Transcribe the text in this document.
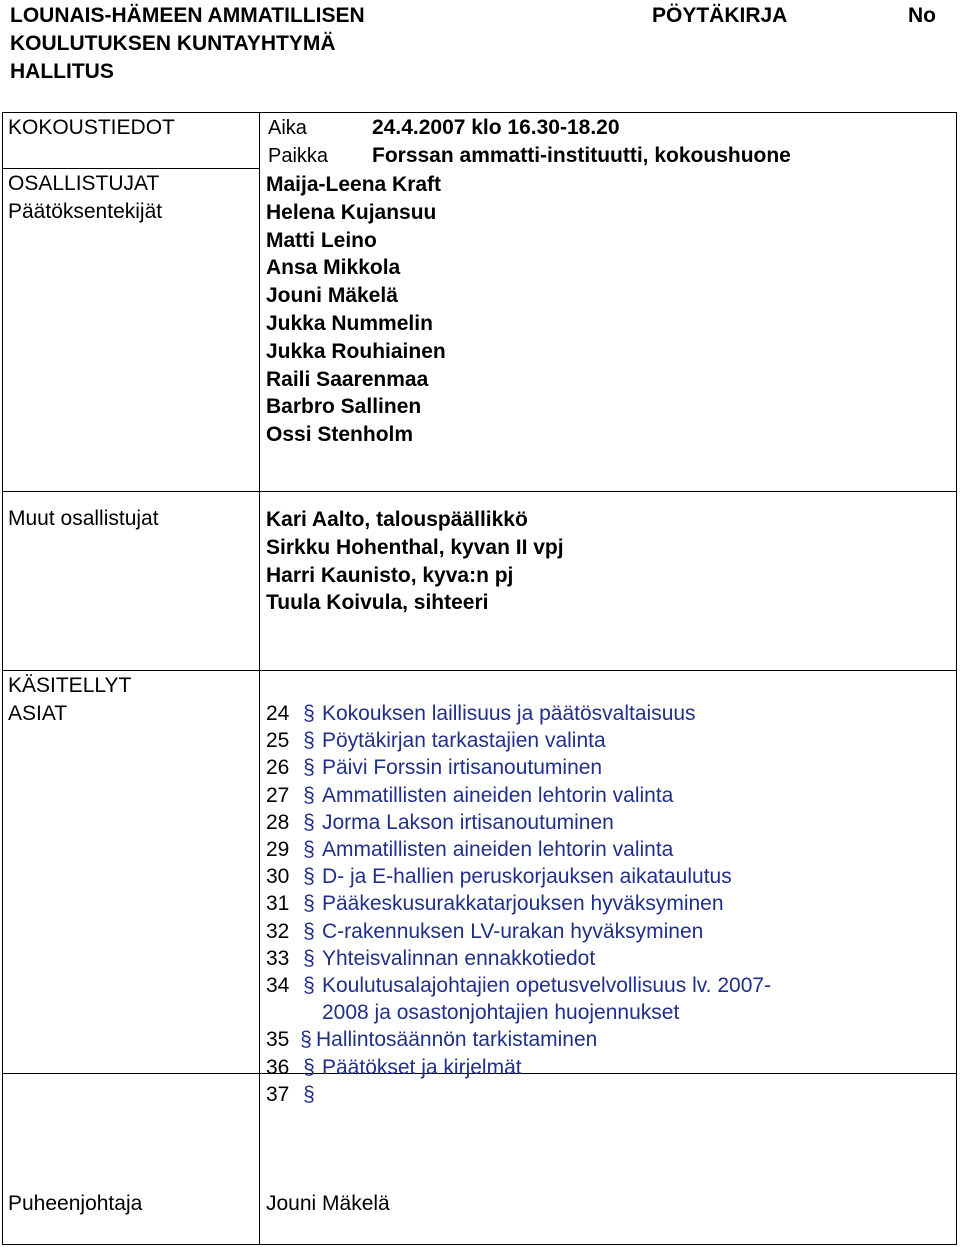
LOUNAIS-HÄMEEN AMMATILLISEN
KOULUTUKSEN KUNTAYHTYMÄ
HALLITUS
PÖYTÄKIRJA	No
KOKOUSTIEDOT	Aika	24.4.2007 klo 16.30-18.20
Paikka Forssan ammatti-instituutti, kokoushuone
OSALLISTUJAT
Päätöksentekijät
Maija-Leena Kraft
Helena Kujansuu
Matti Leino
Ansa Mikkola
Jouni Mäkelä
Jukka Nummelin
Jukka Rouhiainen
Raili Saarenmaa
Barbro Sallinen
Ossi Stenholm
Muut osallistujat	Kari Aalto, talouspäällikkö
Sirkku Hohenthal, kyvan II vpj
Harri Kaunisto, kyva:n pj
Tuula Koivula, sihteeri
KÄSITELLYT
ASIAT	24 § Kokouksen laillisuus ja päätösvaltaisuus
25 § Pöytäkirjan tarkastajien valinta
26 § Päivi Forssin irtisanoutuminen
27 § Ammatillisten aineiden lehtorin valinta
28 § Jorma Lakson irtisanoutuminen
29 § Ammatillisten aineiden lehtorin valinta
30 § D- ja E-hallien peruskorjauksen aikataulutus
31 § Pääkeskusurakkatarjouksen hyväksyminen
32 § C-rakennuksen LV-urakan hyväksyminen
33 § Yhteisvalinnan ennakkotiedot
34 § Koulutusalajohtajien opetusvelvollisuus lv. 2007-
2008 ja osastonjohtajien huojennukset
35 § Hallintosäännön tarkistaminen
36 § Päätökset ja kirjelmät
37 §
Puheenjohtaja	Jouni Mäkelä
